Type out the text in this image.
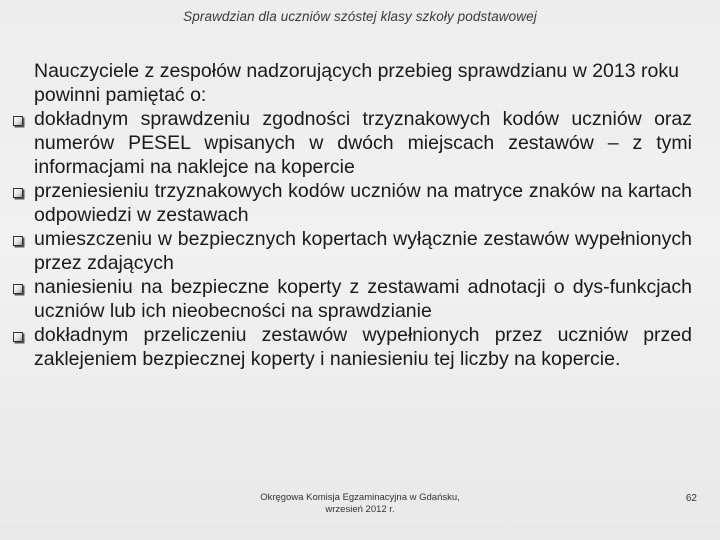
Sprawdzian dla uczniów szóstej klasy szkoły podstawowej

Nauczyciele z zespołów nadzorujących przebieg sprawdzianu w 2013 roku powinni pamiętać o:

dokładnym sprawdzeniu zgodności trzyznakowych kodów uczniów oraz numerów PESEL wpisanych w dwóch miejscach zestawów – z tymi informacjami na naklejce na kopercie
przeniesieniu trzyznakowych kodów uczniów na matryce znaków na kartach odpowiedzi w zestawach
umieszczeniu w bezpiecznych kopertach wyłącznie zestawów wypełnionych przez zdających
naniesieniu na bezpieczne koperty z zestawami adnotacji o dys-funkcjach uczniów lub ich nieobecności na sprawdzianie
dokładnym przeliczeniu zestawów wypełnionych przez uczniów przed zaklejeniem bezpiecznej koperty i naniesieniu tej liczby na kopercie.
Okręgowa Komisja Egzaminacyjna w Gdańsku,
wrzesień 2012 r.
62
